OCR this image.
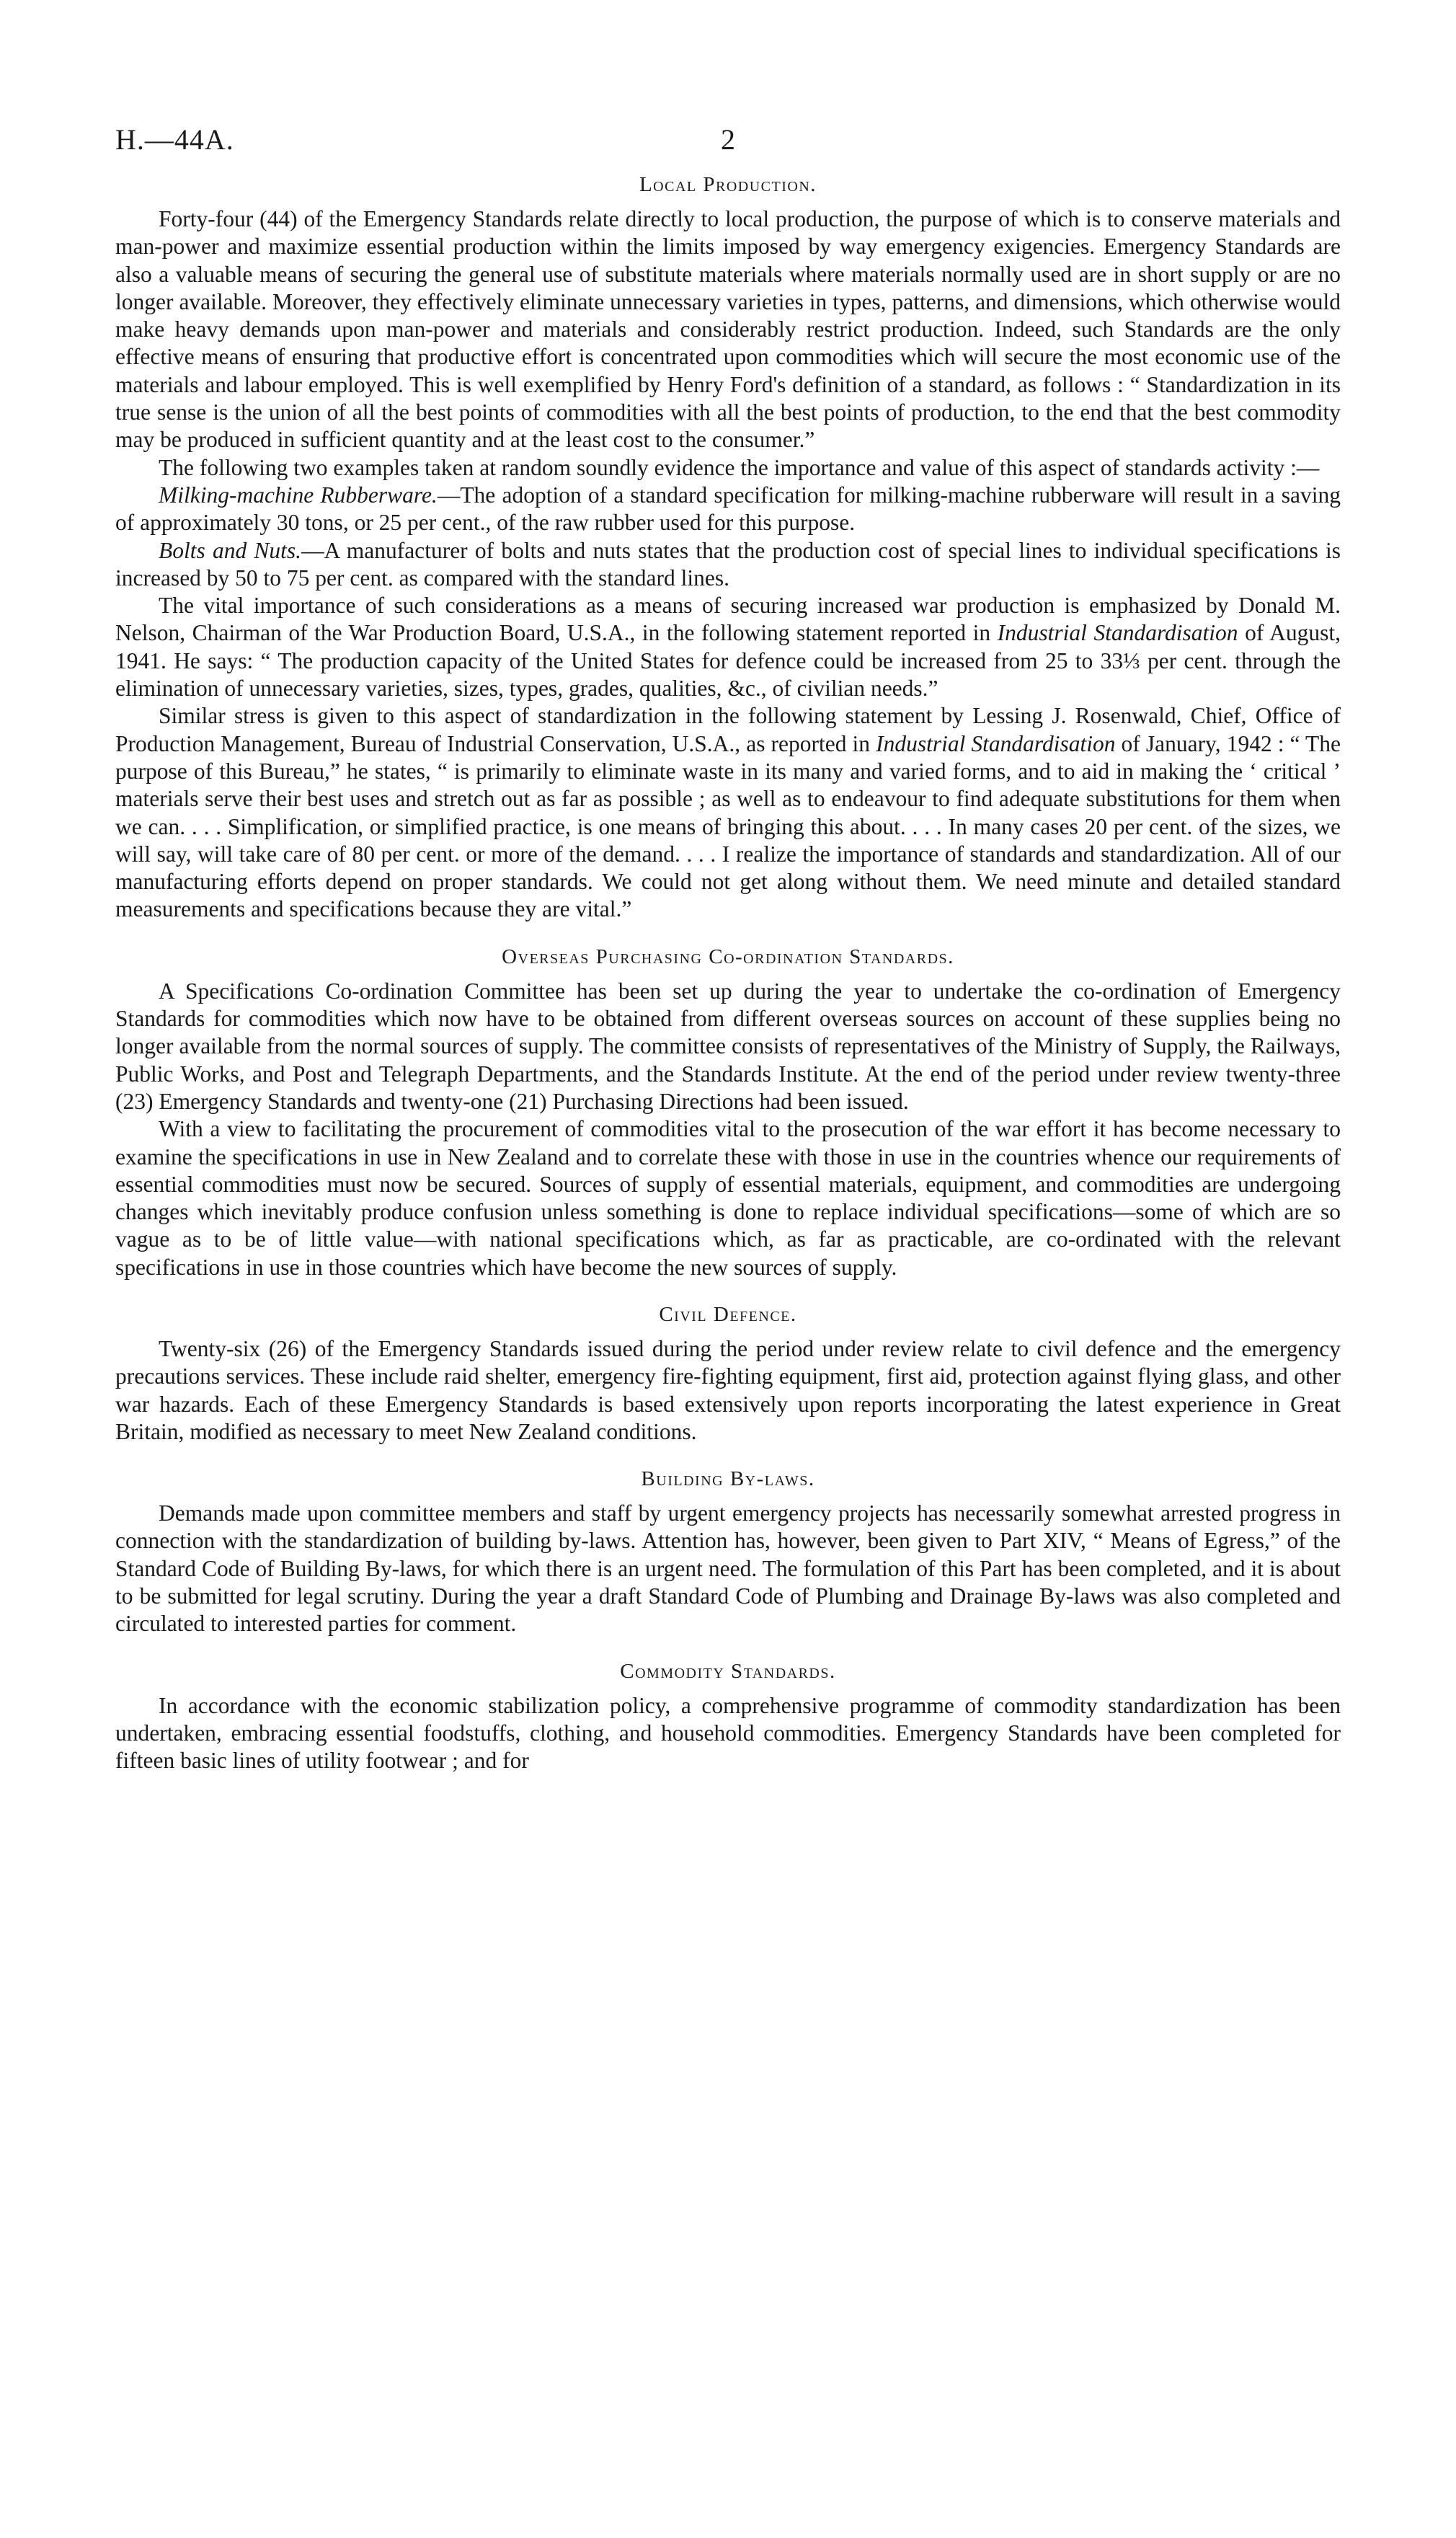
H.—44A.	2
Local Production.

Forty-four (44) of the Emergency Standards relate directly to local production, the purpose of which is to conserve materials and man-power and maximize essential production within the limits imposed by way emergency exigencies. Emergency Standards are also a valuable means of securing the general use of substitute materials where materials normally used are in short supply or are no longer available. Moreover, they effectively eliminate unnecessary varieties in types, patterns, and dimensions, which otherwise would make heavy demands upon man-power and materials and considerably restrict production. Indeed, such Standards are the only effective means of ensuring that productive effort is concentrated upon commodities which will secure the most economic use of the materials and labour employed. This is well exemplified by Henry Ford's definition of a standard, as follows : “ Standardization in its true sense is the union of all the best points of commodities with all the best points of production, to the end that the best commodity may be produced in sufficient quantity and at the least cost to the consumer.”

The following two examples taken at random soundly evidence the importance and value of this aspect of standards activity :—

Milking-machine Rubberware.—The adoption of a standard specification for milking-machine rubberware will result in a saving of approximately 30 tons, or 25 per cent., of the raw rubber used for this purpose.

Bolts and Nuts.—A manufacturer of bolts and nuts states that the production cost of special lines to individual specifications is increased by 50 to 75 per cent. as compared with the standard lines.

The vital importance of such considerations as a means of securing increased war production is emphasized by Donald M. Nelson, Chairman of the War Production Board, U.S.A., in the following statement reported in Industrial Standardisation of August, 1941. He says: “ The production capacity of the United States for defence could be increased from 25 to 33⅓ per cent. through the elimination of unnecessary varieties, sizes, types, grades, qualities, &c., of civilian needs.”

Similar stress is given to this aspect of standardization in the following statement by Lessing J. Rosenwald, Chief, Office of Production Management, Bureau of Industrial Conservation, U.S.A., as reported in Industrial Standardisation of January, 1942 : “ The purpose of this Bureau,” he states, “ is primarily to eliminate waste in its many and varied forms, and to aid in making the ‘ critical ’ materials serve their best uses and stretch out as far as possible ; as well as to endeavour to find adequate substitutions for them when we can. . . . Simplification, or simplified practice, is one means of bringing this about. . . . In many cases 20 per cent. of the sizes, we will say, will take care of 80 per cent. or more of the demand. . . . I realize the importance of standards and standardization. All of our manufacturing efforts depend on proper standards. We could not get along without them. We need minute and detailed standard measurements and specifications because they are vital.”

Overseas Purchasing Co-ordination Standards.

A Specifications Co-ordination Committee has been set up during the year to undertake the co-ordination of Emergency Standards for commodities which now have to be obtained from different overseas sources on account of these supplies being no longer available from the normal sources of supply. The committee consists of representatives of the Ministry of Supply, the Railways, Public Works, and Post and Telegraph Departments, and the Standards Institute. At the end of the period under review twenty-three (23) Emergency Standards and twenty-one (21) Purchasing Directions had been issued.

With a view to facilitating the procurement of commodities vital to the prosecution of the war effort it has become necessary to examine the specifications in use in New Zealand and to correlate these with those in use in the countries whence our requirements of essential commodities must now be secured. Sources of supply of essential materials, equipment, and commodities are undergoing changes which inevitably produce confusion unless something is done to replace individual specifications—some of which are so vague as to be of little value—with national specifications which, as far as practicable, are co-ordinated with the relevant specifications in use in those countries which have become the new sources of supply.

Civil Defence.

Twenty-six (26) of the Emergency Standards issued during the period under review relate to civil defence and the emergency precautions services. These include raid shelter, emergency fire-fighting equipment, first aid, protection against flying glass, and other war hazards. Each of these Emergency Standards is based extensively upon reports incorporating the latest experience in Great Britain, modified as necessary to meet New Zealand conditions.

Building By-laws.

Demands made upon committee members and staff by urgent emergency projects has necessarily somewhat arrested progress in connection with the standardization of building by-laws. Attention has, however, been given to Part XIV, “ Means of Egress,” of the Standard Code of Building By-laws, for which there is an urgent need. The formulation of this Part has been completed, and it is about to be submitted for legal scrutiny. During the year a draft Standard Code of Plumbing and Drainage By-laws was also completed and circulated to interested parties for comment.

Commodity Standards.

In accordance with the economic stabilization policy, a comprehensive programme of commodity standardization has been undertaken, embracing essential foodstuffs, clothing, and household commodities. Emergency Standards have been completed for fifteen basic lines of utility footwear ; and for
